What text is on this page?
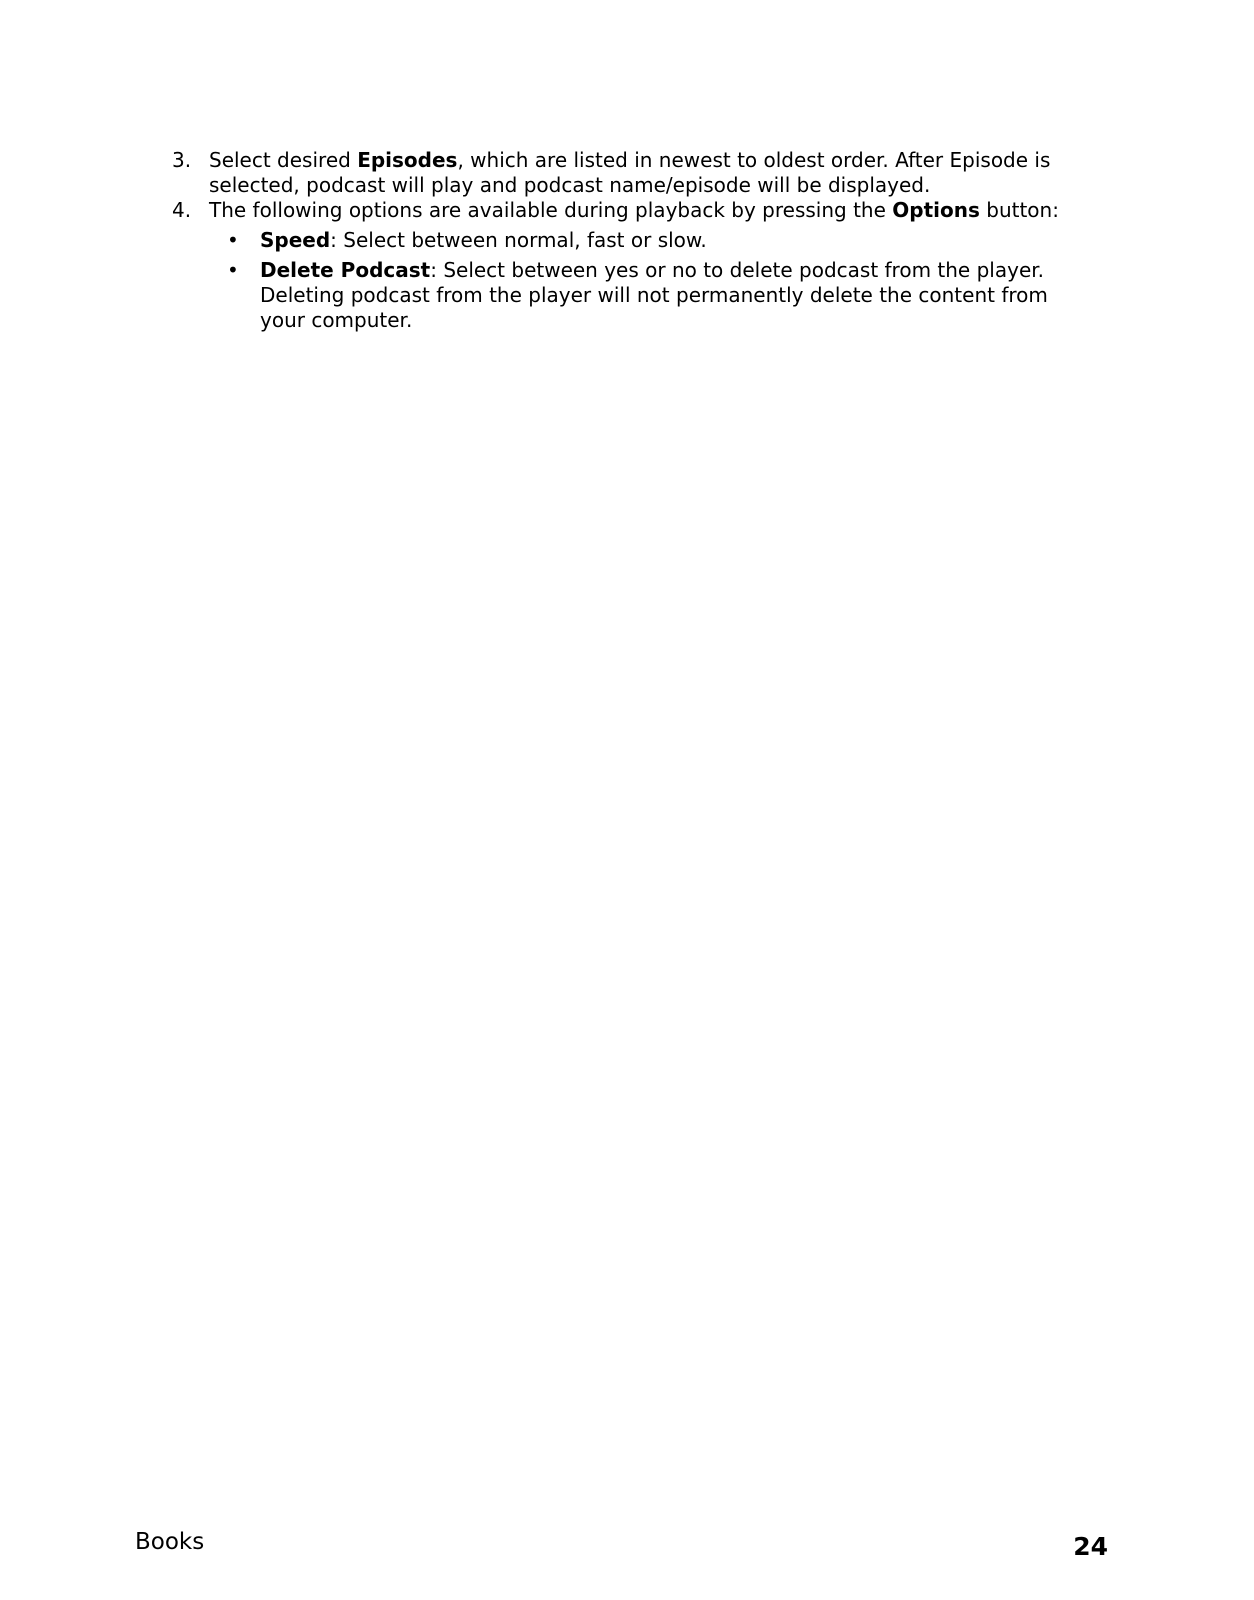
3. Select desired Episodes, which are listed in newest to oldest order. After Episode is selected, podcast will play and podcast name/episode will be displayed.
4. The following options are available during playback by pressing the Options button:
• Speed: Select between normal, fast or slow.
• Delete Podcast: Select between yes or no to delete podcast from the player. Deleting podcast from the player will not permanently delete the content from your computer.
Books	24
